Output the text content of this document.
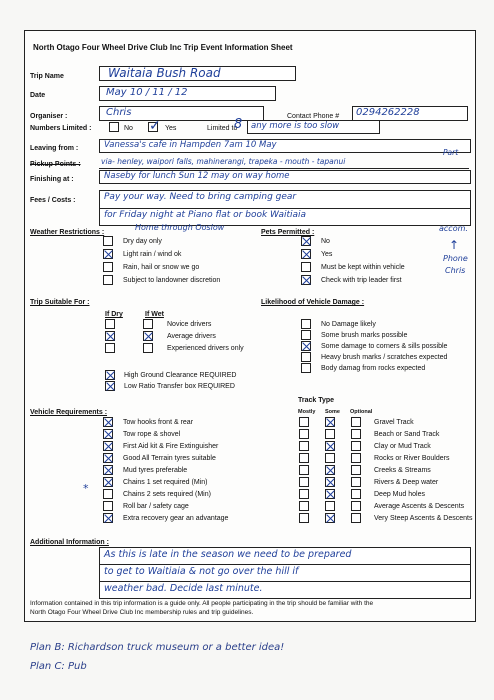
North Otago Four Wheel Drive Club Inc Trip Event Information Sheet
Trip Name	Waitaia Bush Road
Date	May 10 / 11 / 12
Organiser :	Chris	Contact Phone # 0294262228
Numbers Limited :	No
✓	Yes	Limited to
8 any more is too slow
Leaving from :	Vanessa's cafe in Hampden 7am 10 May
Pickup Points :	via- henley, waipori falls, mahinerangi, trapeka - mouth - tapanui
Part
Finishing at :	Naseby for lunch Sun 12 may on way home
Fees / Costs :	Pay your way. Need to bring camping gear
for Friday night at Piano flat or book Waitiaia
accom.
Weather Restrictions :
Home through Ooslow
Pets Permitted :
↑
Phone
Chris
Dry day only
Light rain / wind ok
Rain, hail or snow we go
Subject to landowner discretion
No
Yes
Must be kept within vehicle
Check with trip leader first
Trip Suitable For :	Likelihood of Vehicle Damage :
If Dry	If Wet
Novice drivers
Average drivers
Experienced drivers only
High Ground Clearance REQUIRED
Low Ratio Transfer box REQUIRED
No Damage likely
Some brush marks possible
Some damage to corners & sills possible
Heavy brush marks / scratches expected
Body damag from rocks expected
Track Type
Vehicle Requirements :	Mostly Some Optional
*
Tow hooks front & rear
Tow rope & shovel
First Aid kit & Fire Extinguisher
Good All Terrain tyres suitable
Mud tyres preferable
Chains 1 set required (Min)
Chains 2 sets required (Min)
Roll bar / safety cage
Extra recovery gear an advantage
Gravel Track
Beach or Sand Track
Clay or Mud Track
Rocks or River Boulders
Creeks & Streams
Rivers & Deep water
Deep Mud holes
Average Ascents & Descents
Very Steep Ascents & Descents
Additional Information :
As this is late in the season we need to be prepared
to get to Waitiaia & not go over the hill if
weather bad. Decide last minute.
Information contained in this trip information is a guide only. All people participating in the trip should be familiar with the
North Otago Four Wheel Drive Club Inc membership rules and trip guidelines.
Plan B: Richardson truck museum or a better idea!
Plan C: Pub
